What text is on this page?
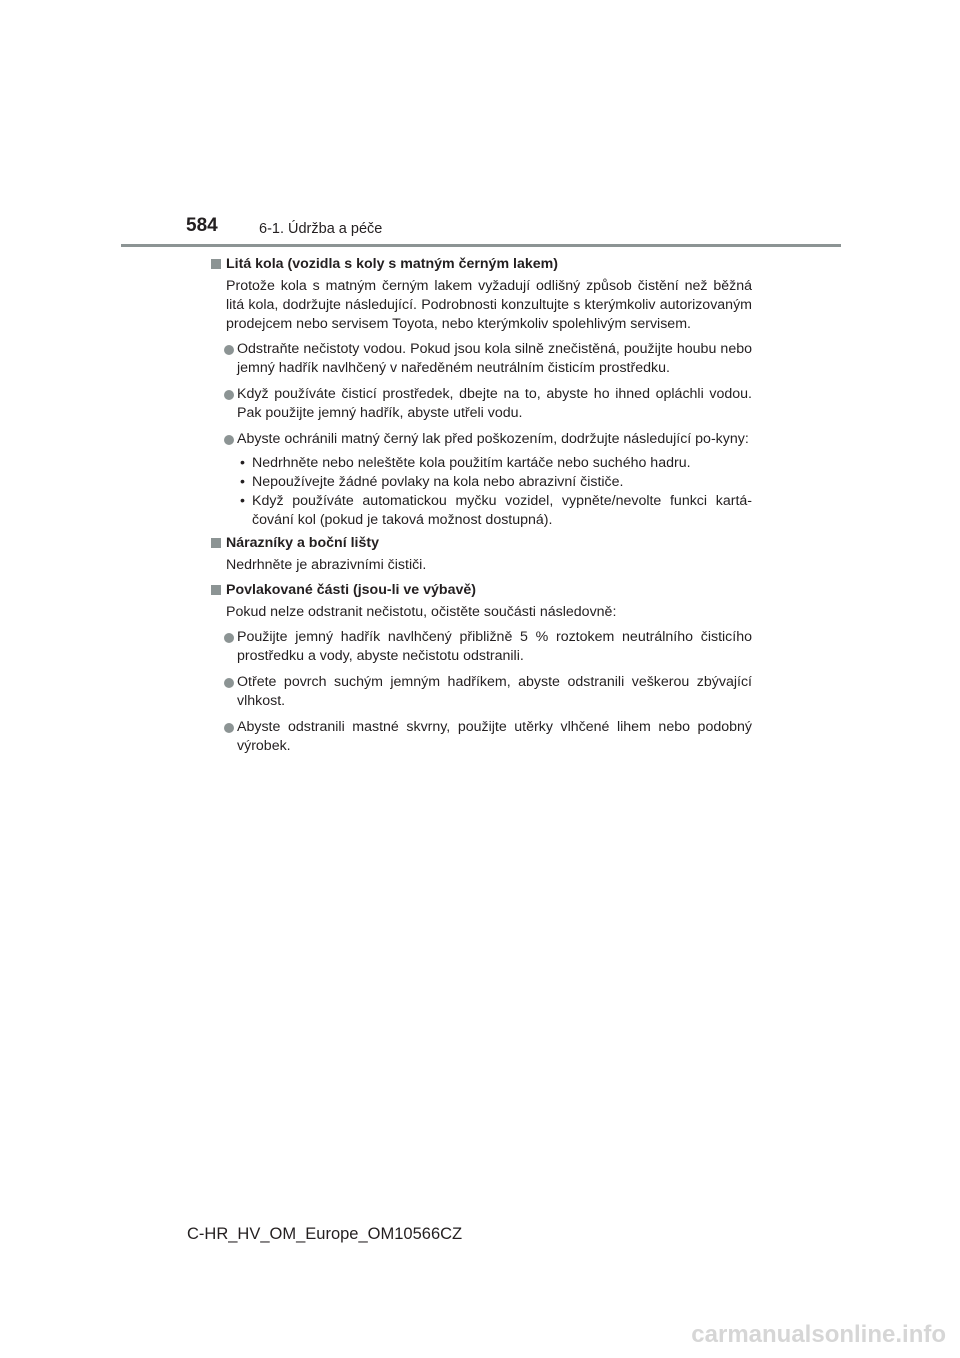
584	6-1. Údržba a péče
Litá kola (vozidla s koly s matným černým lakem)
Protože kola s matným černým lakem vyžadují odlišný způsob čistění než běžná litá kola, dodržujte následující. Podrobnosti konzultujte s kterýmkoliv autorizovaným prodejcem nebo servisem Toyota, nebo kterýmkoliv spolehlivým servisem.
Odstraňte nečistoty vodou. Pokud jsou kola silně znečistěná, použijte houbu nebo jemný hadřík navlhčený v naředěném neutrálním čisticím prostředku.
Když používáte čisticí prostředek, dbejte na to, abyste ho ihned opláchli vodou. Pak použijte jemný hadřík, abyste utřeli vodu.
Abyste ochránili matný černý lak před poškozením, dodržujte následující po-kyny:
• Nedrhněte nebo neleštěte kola použitím kartáče nebo suchého hadru.
• Nepoužívejte žádné povlaky na kola nebo abrazivní čističe.
• Když používáte automatickou myčku vozidel, vypněte/nevolte funkci kartá-čování kol (pokud je taková možnost dostupná).
Nárazníky a boční lišty
Nedrhněte je abrazivními čističi.
Povlakované části (jsou-li ve výbavě)
Pokud nelze odstranit nečistotu, očistěte součásti následovně:
Použijte jemný hadřík navlhčený přibližně 5 % roztokem neutrálního čisticího prostředku a vody, abyste nečistotu odstranili.
Otřete povrch suchým jemným hadříkem, abyste odstranili veškerou zbývající vlhkost.
Abyste odstranili mastné skvrny, použijte utěrky vlhčené lihem nebo podobný výrobek.
C-HR_HV_OM_Europe_OM10566CZ
carmanualsonline.info
